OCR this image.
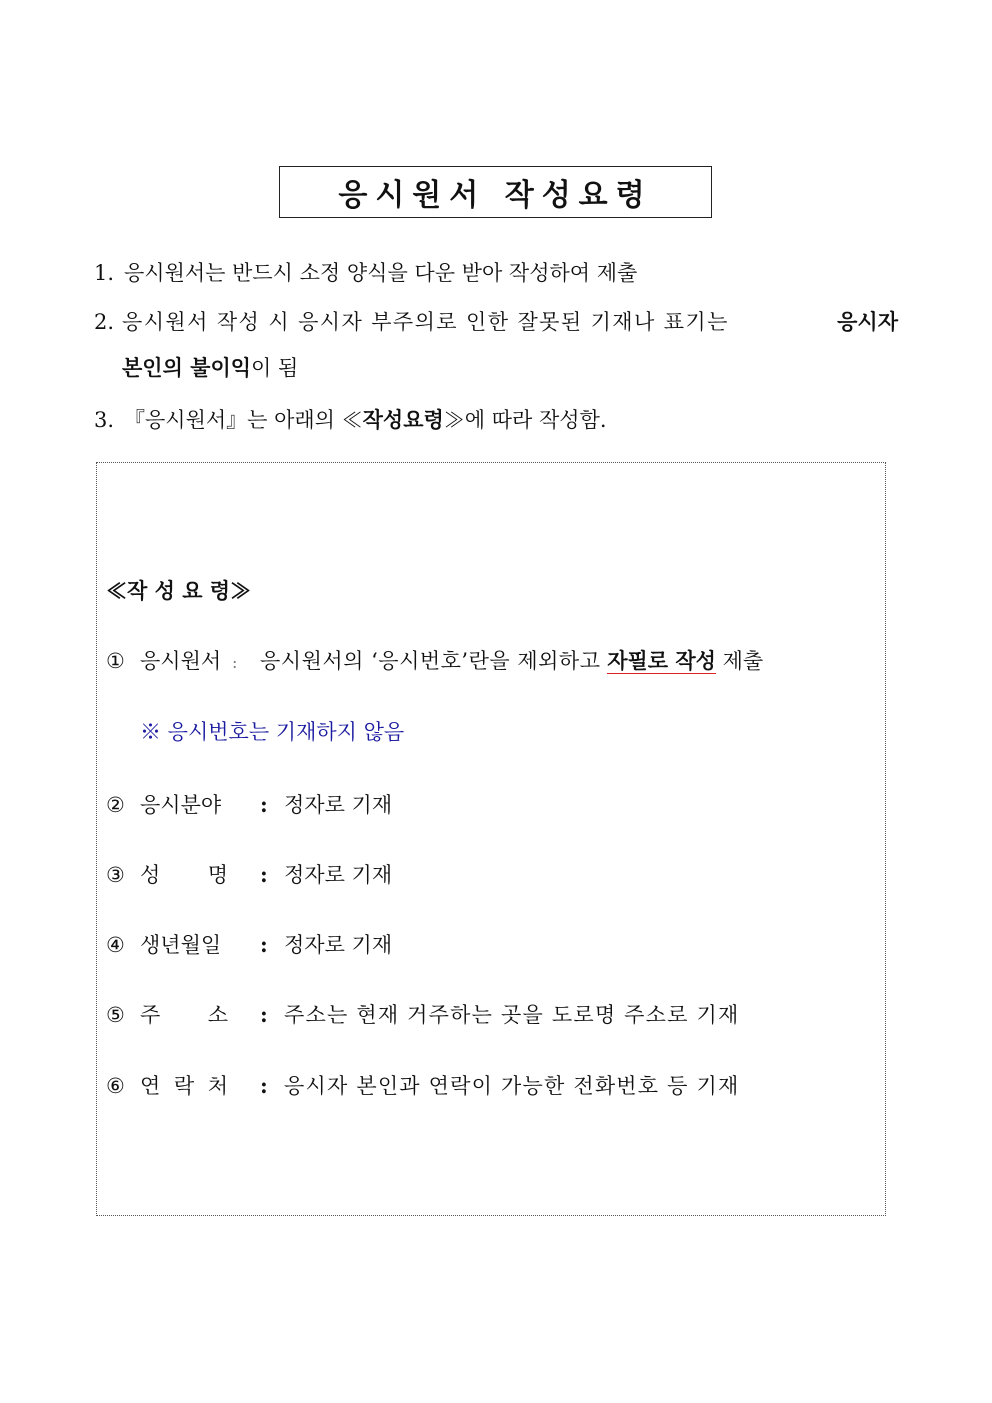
응시원서 작성요령
1. 응시원서는 반드시 소정 양식을 다운 받아 작성하여 제출
2. 응시원서 작성 시 응시자 부주의로 인한 잘못된 기재나 표기는	응시자
본인의 불이익이 됨
3. 『응시원서』는 아래의 ≪작성요령≫에 따라 작성함.
≪작 성 요 령≫
① 응시원서 : 응시원서의 ‘응시번호’란을 제외하고 자필로 작성 제출
※ 응시번호는 기재하지 않음
② 응시분야 : 정자로 기재
③ 성 명 : 정자로 기재
④ 생년월일 : 정자로 기재
⑤ 주 소 : 주소는 현재 거주하는 곳을 도로명 주소로 기재
⑥ 연 락 처 : 응시자 본인과 연락이 가능한 전화번호 등 기재
